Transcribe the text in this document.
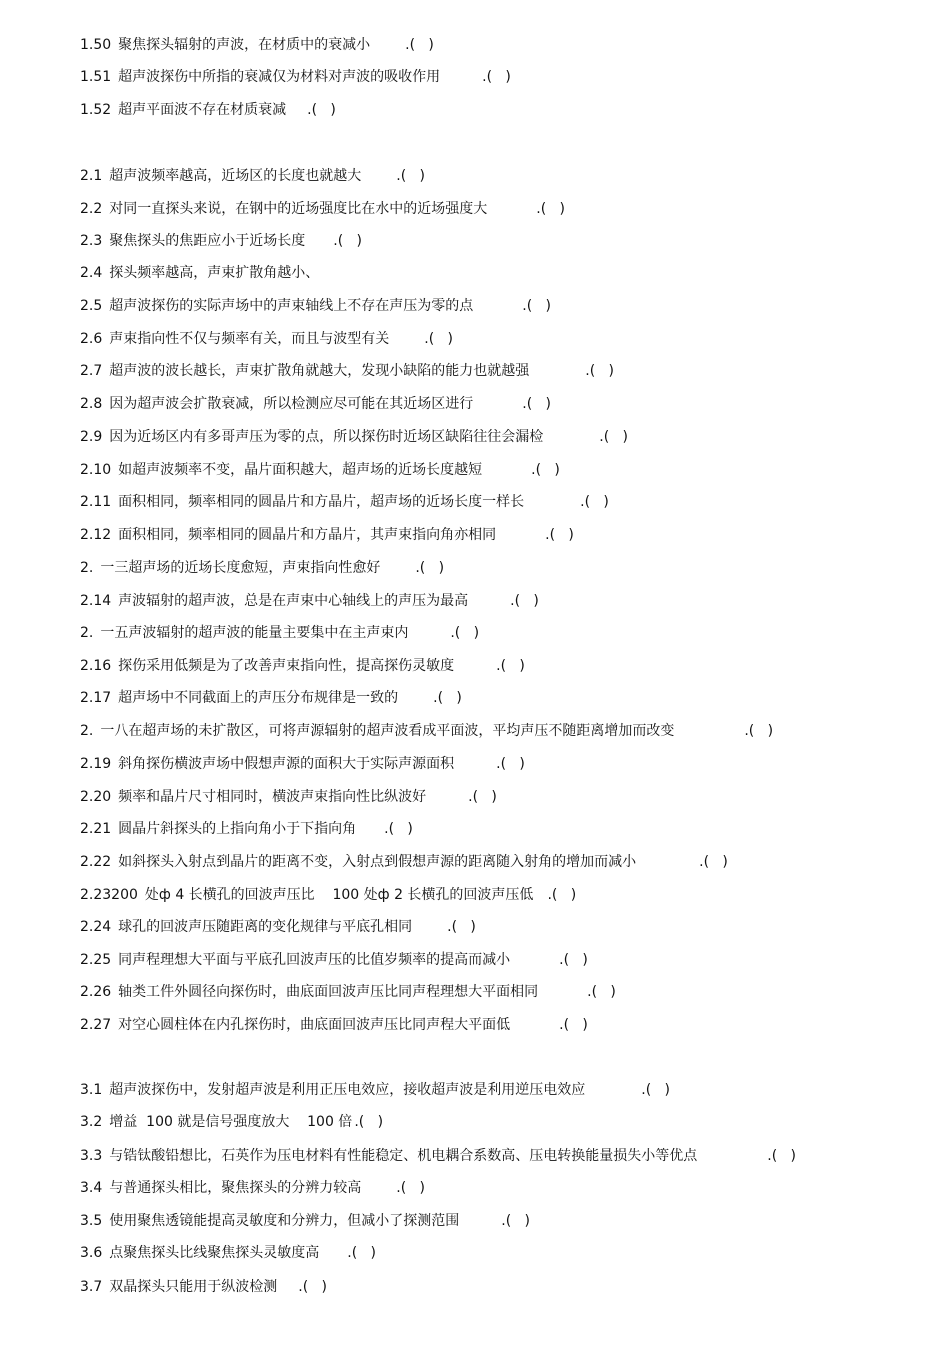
1.50 聚焦探头辐射的声波，在材质中的衰减小	.(   )
1.51 超声波探伤中所指的衰减仅为材料对声波的吸收作用	.(   )
1.52 超声平面波不存在材质衰减 .(   )
2.1 超声波频率越高，近场区的长度也就越大	.(   )
2.2 对同一直探头来说，在钢中的近场强度比在水中的近场强度大	.(   )
2.3 聚焦探头的焦距应小于近场长度 .(   )
2.4 探头频率越高，声束扩散角越小、
2.5 超声波探伤的实际声场中的声束轴线上不存在声压为零的点	.(   )
2.6 声束指向性不仅与频率有关，而且与波型有关	.(   )
2.7 超声波的波长越长，声束扩散角就越大，发现小缺陷的能力也就越强	.(   )
2.8 因为超声波会扩散衰减，所以检测应尽可能在其近场区进行	.(   )
2.9 因为近场区内有多哥声压为零的点，所以探伤时近场区缺陷往往会漏检	.(   )
2.10 如超声波频率不变，晶片面积越大，超声场的近场长度越短	.(   )
2.11 面积相同，频率相同的圆晶片和方晶片，超声场的近场长度一样长	.(   )
2.12 面积相同，频率相同的圆晶片和方晶片，其声束指向角亦相同	.(   )
2. 一三超声场的近场长度愈短，声束指向性愈好	.(   )
2.14 声波辐射的超声波，总是在声束中心轴线上的声压为最高	.(   )
2. 一五声波辐射的超声波的能量主要集中在主声束内	.(   )
2.16 探伤采用低频是为了改善声束指向性，提高探伤灵敏度	.(   )
2.17 超声场中不同截面上的声压分布规律是一致的	.(   )
2. 一八在超声场的未扩散区，可将声源辐射的超声波看成平面波，平均声压不随距离增加而改变	.(   )
2.19 斜角探伤横波声场中假想声源的面积大于实际声源面积	.(   )
2.20 频率和晶片尺寸相同时，横波声束指向性比纵波好	.(   )
2.21 圆晶片斜探头的上指向角小于下指向角 .(   )
2.22 如斜探头入射点到晶片的距离不变，入射点到假想声源的距离随入射角的增加而减小	.(   )
2.23200 处ф 4 长横孔的回波声压比    100 处ф 2 长横孔的回波声压低 .(   )
2.24 球孔的回波声压随距离的变化规律与平底孔相同	.(   )
2.25 同声程理想大平面与平底孔回波声压的比值岁频率的提高而减小	.(   )
2.26 轴类工件外圆径向探伤时，曲底面回波声压比同声程理想大平面相同	.(   )
2.27 对空心圆柱体在内孔探伤时，曲底面回波声压比同声程大平面低	.(   )
3.1 超声波探伤中，发射超声波是利用正压电效应，接收超声波是利用逆压电效应	.(   )
3.2 增益  100 就是信号强度放大    100 倍 .(   )
3.3 与锆钛酸铅想比，石英作为压电材料有性能稳定、机电耦合系数高、压电转换能量损失小等优点	.(   )
3.4 与普通探头相比，聚焦探头的分辨力较高	.(   )
3.5 使用聚焦透镜能提高灵敏度和分辨力，但减小了探测范围	.(   )
3.6 点聚焦探头比线聚焦探头灵敏度高 .(   )
3.7 双晶探头只能用于纵波检测 .(   )
